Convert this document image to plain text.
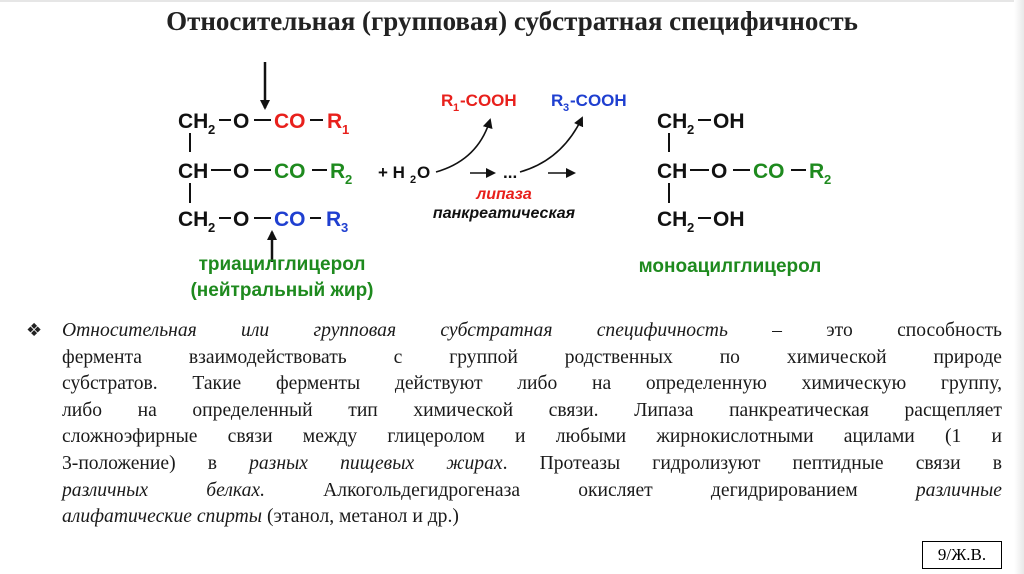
Относительная (групповая) субстратная специфичность
CH 2 O CO R 1
CH O CO R 2
CH 2 O CO R 3
триацилглицерол
(нейтральный жир)
+ H 2 O	...
R 1 -COOH R 3 -COOH
липаза
панкреатическая
CH 2 OH
CH O CO R 2
CH 2 OH
моноацилглицерол
❖ Относительная или групповая субстратная специфичность – это способность
фермента взаимодействовать с группой родственных по химической природе
субстратов. Такие ферменты действуют либо на определенную химическую группу,
либо на определенный тип химической связи. Липаза панкреатическая расщепляет
сложноэфирные связи между глицеролом и любыми жирнокислотными ацилами (1 и
3-положение) в разных пищевых жирах. Протеазы гидролизуют пептидные связи в
различных белках. Алкогольдегидрогеназа окисляет дегидрированием различные
алифатические спирты (этанол, метанол и др.)
9/Ж.В.
